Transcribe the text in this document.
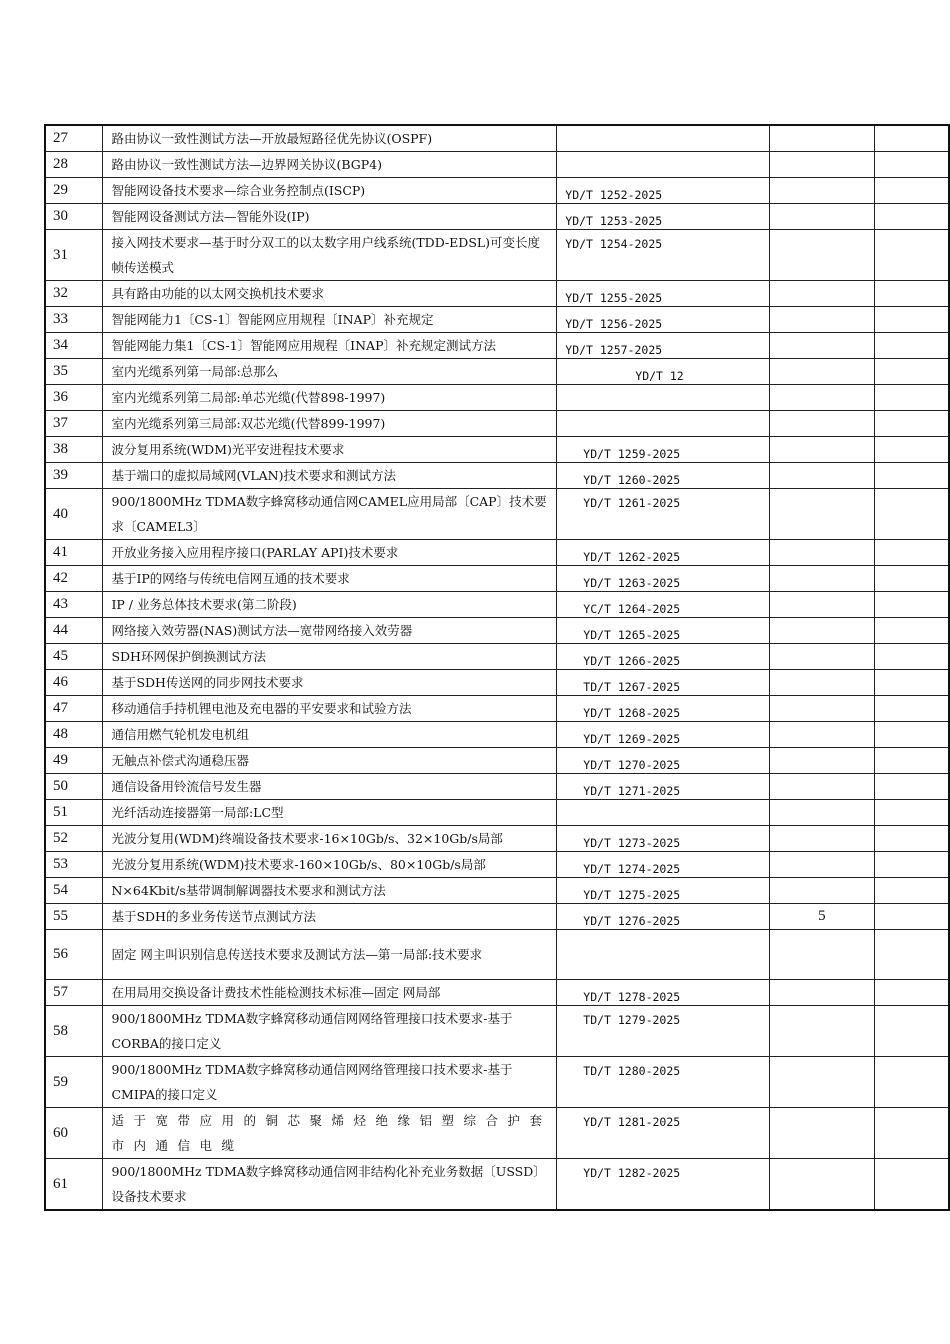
27	路由协议一致性测试方法—开放最短路径优先协议(OSPF)			
28	路由协议一致性测试方法—边界网关协议(BGP4)			
29	智能网设备技术要求—综合业务控制点(ISCP)	YD/T 1252-2025		
30	智能网设备测试方法—智能外设(IP)	YD/T 1253-2025		
31	接入网技术要求—基于时分双工的以太数字用户线系统(TDD-EDSL)可变长度帧传送模式	YD/T 1254-2025		
32	具有路由功能的以太网交换机技术要求	YD/T 1255-2025		
33	智能网能力1〔CS-1〕智能网应用规程〔INAP〕补充规定	YD/T 1256-2025		
34	智能网能力集1〔CS-1〕智能网应用规程〔INAP〕补充规定测试方法	YD/T 1257-2025		
35	室内光缆系列第一局部:总那么	YD/T 12		
36	室内光缆系列第二局部:单芯光缆(代替898-1997)			
37	室内光缆系列第三局部:双芯光缆(代替899-1997)			
38	波分复用系统(WDM)光平安进程技术要求	YD/T 1259-2025		
39	基于端口的虚拟局域网(VLAN)技术要求和测试方法	YD/T 1260-2025		
40	900/1800MHz TDMA数字蜂窝移动通信网CAMEL应用局部〔CAP〕技术要求〔CAMEL3〕	YD/T 1261-2025		
41	开放业务接入应用程序接口(PARLAY API)技术要求	YD/T 1262-2025		
42	基于IP的网络与传统电信网互通的技术要求	YD/T 1263-2025		
43	IP / 业务总体技术要求(第二阶段)	YC/T 1264-2025		
44	网络接入效劳器(NAS)测试方法—宽带网络接入效劳器	YD/T 1265-2025		
45	SDH环网保护倒换测试方法	YD/T 1266-2025		
46	基于SDH传送网的同步网技术要求	TD/T 1267-2025		
47	移动通信手持机锂电池及充电器的平安要求和试验方法	YD/T 1268-2025		
48	通信用燃气轮机发电机组	YD/T 1269-2025		
49	无触点补偿式沟通稳压器	YD/T 1270-2025		
50	通信设备用铃流信号发生器	YD/T 1271-2025		
51	光纤活动连接器第一局部:LC型			
52	光波分复用(WDM)终端设备技术要求-16×10Gb/s、32×10Gb/s局部	YD/T 1273-2025		
53	光波分复用系统(WDM)技术要求-160×10Gb/s、80×10Gb/s局部	YD/T 1274-2025		
54	N×64Kbit/s基带调制解调器技术要求和测试方法	YD/T 1275-2025		
55	基于SDH的多业务传送节点测试方法	YD/T 1276-2025	5	
56	固定 网主叫识别信息传送技术要求及测试方法—第一局部:技术要求			
57	在用局用交换设备计费技术性能检测技术标准—固定 网局部	YD/T 1278-2025		
58	900/1800MHz TDMA数字蜂窝移动通信网网络管理接口技术要求-基于CORBA的接口定义	TD/T 1279-2025		
59	900/1800MHz TDMA数字蜂窝移动通信网网络管理接口技术要求-基于CMIPA的接口定义	TD/T 1280-2025		
60	适于宽带应用的铜芯聚烯烃绝缘铝塑综合护套市内通信电缆	YD/T 1281-2025		
61	900/1800MHz TDMA数字蜂窝移动通信网非结构化补充业务数据〔USSD〕设备技术要求	YD/T 1282-2025		
